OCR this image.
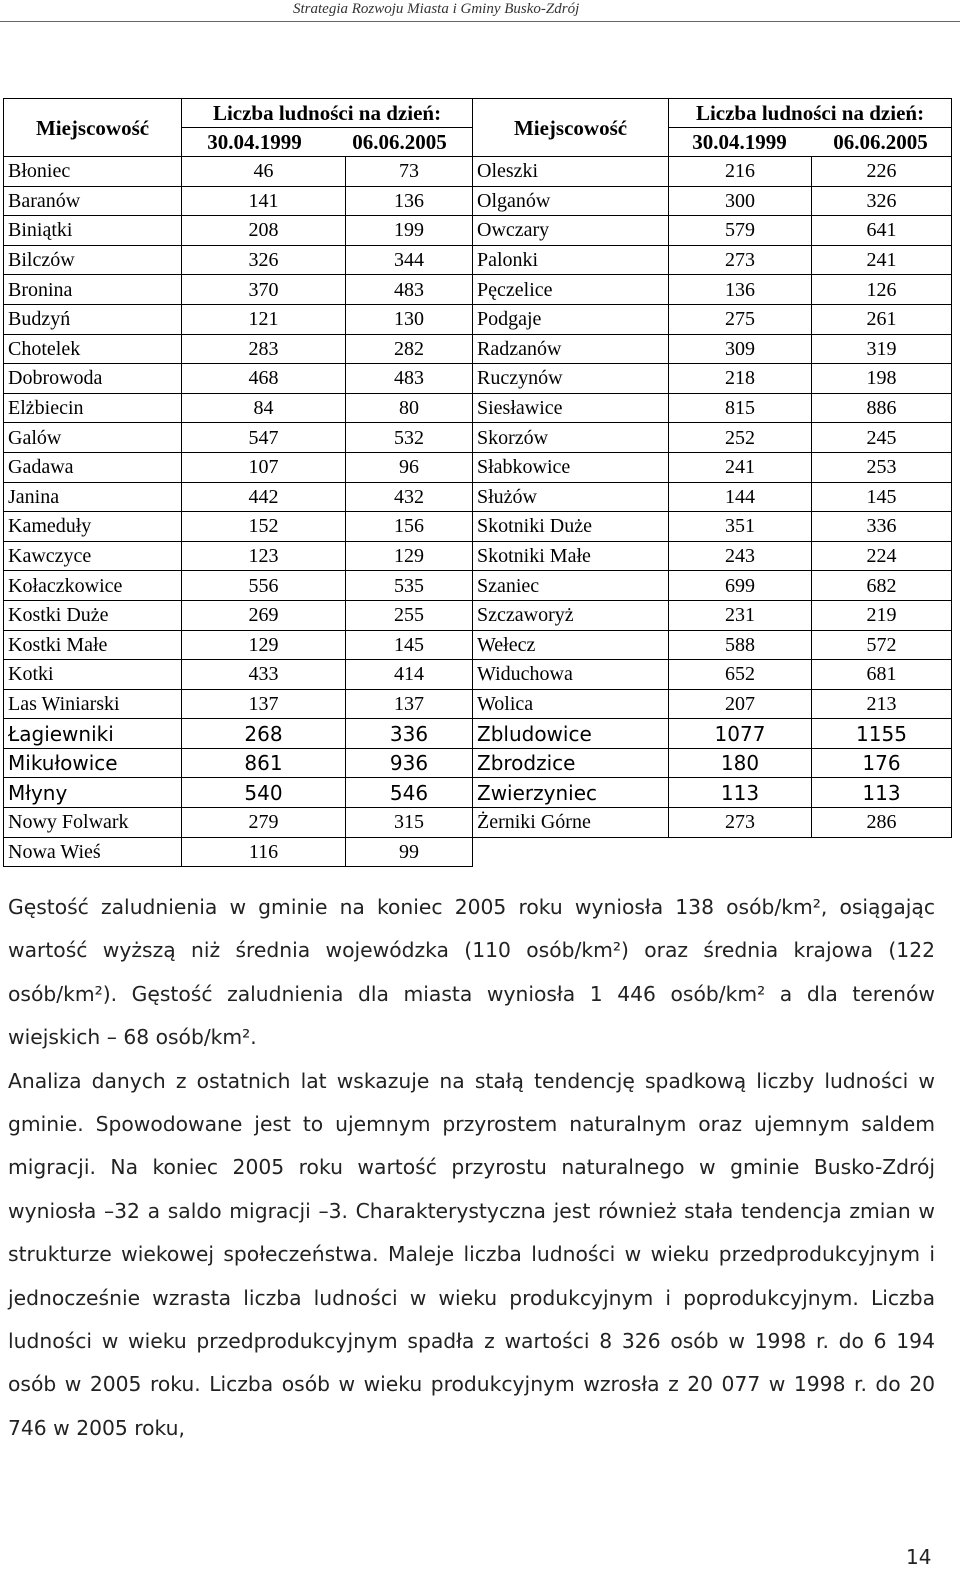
Strategia Rozwoju Miasta i Gminy Busko-Zdrój
Miejscowość	Liczba ludności na dzień:		Miejscowość	Liczba ludności na dzień:	
	30.04.1999 06.06.2005			30.04.1999 06.06.2005	
Błoniec	46	73	Oleszki	216	226
Baranów	141	136	Olganów	300	326
Biniątki	208	199	Owczary	579	641
Bilczów	326	344	Palonki	273	241
Bronina	370	483	Pęczelice	136	126
Budzyń	121	130	Podgaje	275	261
Chotelek	283	282	Radzanów	309	319
Dobrowoda	468	483	Ruczynów	218	198
Elżbiecin	84	80	Siesławice	815	886
Galów	547	532	Skorzów	252	245
Gadawa	107	96	Słabkowice	241	253
Janina	442	432	Służów	144	145
Kameduły	152	156	Skotniki Duże	351	336
Kawczyce	123	129	Skotniki Małe	243	224
Kołaczkowice	556	535	Szaniec	699	682
Kostki Duże	269	255	Szczaworyż	231	219
Kostki Małe	129	145	Wełecz	588	572
Kotki	433	414	Widuchowa	652	681
Las Winiarski	137	137	Wolica	207	213
Łagiewniki	268	336	Zbludowice	1077	1155
Mikułowice	861	936	Zbrodzice	180	176
Młyny	540	546	Zwierzyniec	113	113
Nowy Folwark	279	315	Żerniki Górne	273	286
Nowa Wieś	116	99			

Gęstość zaludnienia w gminie na koniec 2005 roku wyniosła 138 osób/km², osiągając wartość wyższą niż średnia wojewódzka (110 osób/km²) oraz średnia krajowa (122 osób/km²). Gęstość zaludnienia dla miasta wyniosła 1 446 osób/km² a dla terenów wiejskich – 68 osób/km².

Analiza danych z ostatnich lat wskazuje na stałą tendencję spadkową liczby ludności w gminie. Spowodowane jest to ujemnym przyrostem naturalnym oraz ujemnym saldem migracji. Na koniec 2005 roku wartość przyrostu naturalnego w gminie Busko-Zdrój wyniosła –32 a saldo migracji –3. Charakterystyczna jest również stała tendencja zmian w strukturze wiekowej społeczeństwa. Maleje liczba ludności w wieku przedprodukcyjnym i jednocześnie wzrasta liczba ludności w wieku produkcyjnym i poprodukcyjnym. Liczba ludności w wieku przedprodukcyjnym spadła z wartości 8 326 osób w 1998 r. do 6 194 osób w 2005 roku. Liczba osób w wieku produkcyjnym wzrosła z 20 077 w 1998 r. do 20 746 w 2005 roku,

14
